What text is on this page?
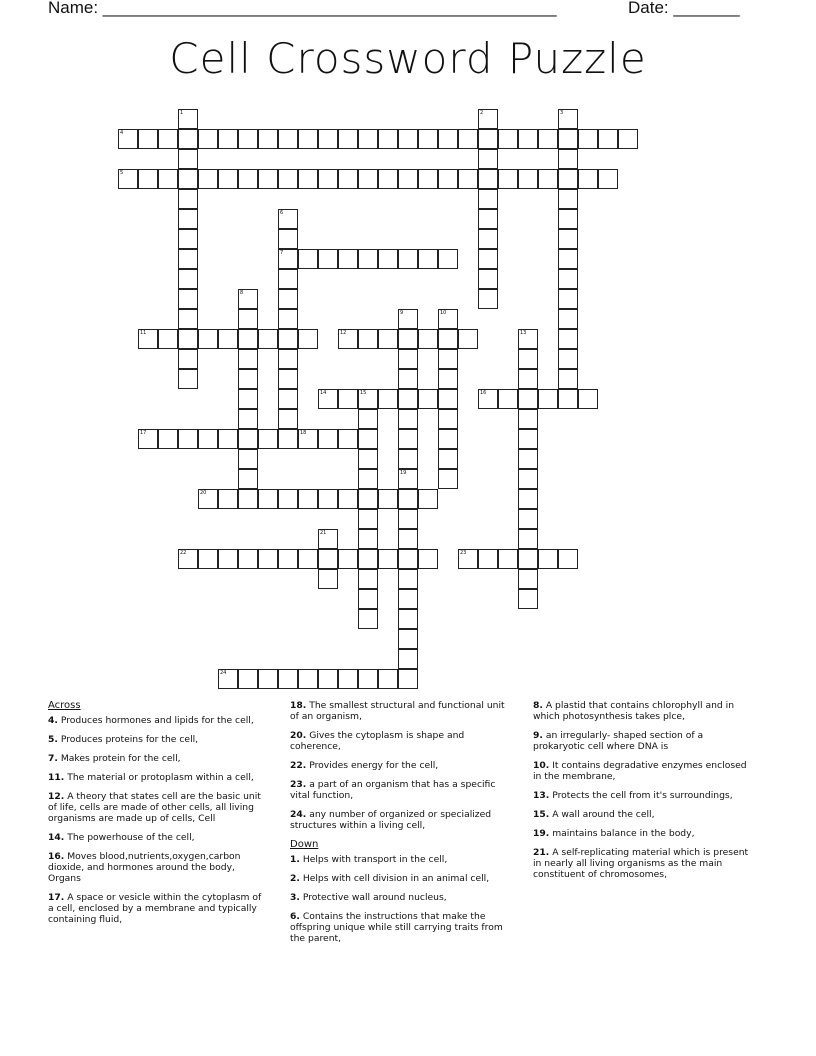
Name: ________________________________________________	Date: _______
Cell Crossword Puzzle
4
5
7
11	12
14	15	16
17	18
20
22	23
24
1	2	3
6
8
9	10
13
19
21
Across
4. Produces hormones and lipids for the cell,
5. Produces proteins for the cell,
7. Makes protein for the cell,
11. The material or protoplasm within a cell,
12. A theory that states cell are the basic unit of life, cells are made of other cells, all living organisms are made up of cells, Cell
14. The powerhouse of the cell,
16. Moves blood,nutrients,oxygen,carbon dioxide, and hormones around the body, Organs
17. A space or vesicle within the cytoplasm of a cell, enclosed by a membrane and typically containing fluid,
18. The smallest structural and functional unit of an organism,
20. Gives the cytoplasm is shape and coherence,
22. Provides energy for the cell,
23. a part of an organism that has a specific vital function,
24. any number of organized or specialized structures within a living cell,
Down
1. Helps with transport in the cell,
2. Helps with cell division in an animal cell,
3. Protective wall around nucleus,
6. Contains the instructions that make the offspring unique while still carrying traits from the parent,
8. A plastid that contains chlorophyll and in which photosynthesis takes plce,
9. an irregularly- shaped section of a prokaryotic cell where DNA is
10. It contains degradative enzymes enclosed in the membrane,
13. Protects the cell from it's surroundings,
15. A wall around the cell,
19. maintains balance in the body,
21. A self-replicating material which is present in nearly all living organisms as the main constituent of chromosomes,
